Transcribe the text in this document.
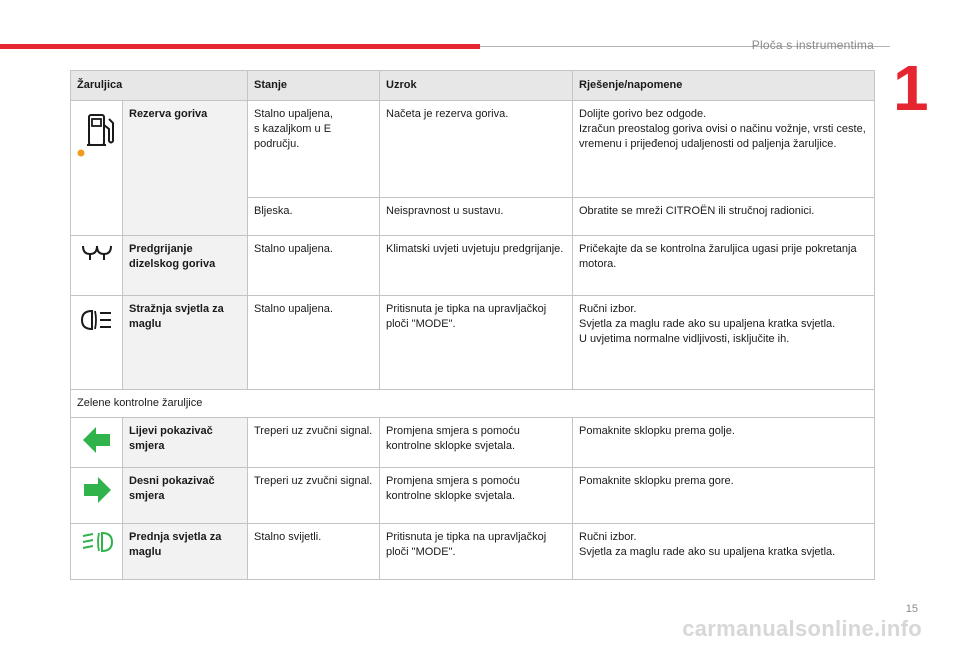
Ploča s instrumentima
1
Žaruljica		Stanje	Uzrok	Rješenje/napomene

	Rezerva goriva	Stalno upaljena,
s kazaljkom u E
području.	Načeta je rezerva goriva.	Dolijte gorivo bez odgode.
Izračun preostalog goriva ovisi o načinu vožnje, vrsti ceste, vremenu i prijeđenoj udaljenosti od paljenja žaruljice.
		Bljeska.	Neispravnost u sustavu.	Obratite se mreži CITROËN ili stručnoj radionici.

	Predgrijanje dizelskog goriva	Stalno upaljena.	Klimatski uvjeti uvjetuju predgrijanje.	Pričekajte da se kontrolna žaruljica ugasi prije pokretanja motora.

	Stražnja svjetla za maglu	Stalno upaljena.	Pritisnuta je tipka na upravljačkoj ploči "MODE".	Ručni izbor.
Svjetla za maglu rade ako su upaljena kratka svjetla.
U uvjetima normalne vidljivosti, isključite ih.
Zelene kontrolne žaruljice				

	Lijevi pokazivač smjera	Treperi uz zvučni signal.	Promjena smjera s pomoću kontrolne sklopke svjetala.	Pomaknite sklopku prema golje.

	Desni pokazivač smjera	Treperi uz zvučni signal.	Promjena smjera s pomoću kontrolne sklopke svjetala.	Pomaknite sklopku prema gore.

	Prednja svjetla za maglu	Stalno svijetli.	Pritisnuta je tipka na upravljačkoj ploči "MODE".	Ručni izbor.
Svjetla za maglu rade ako su upaljena kratka svjetla.
15
carmanualsonline.info
